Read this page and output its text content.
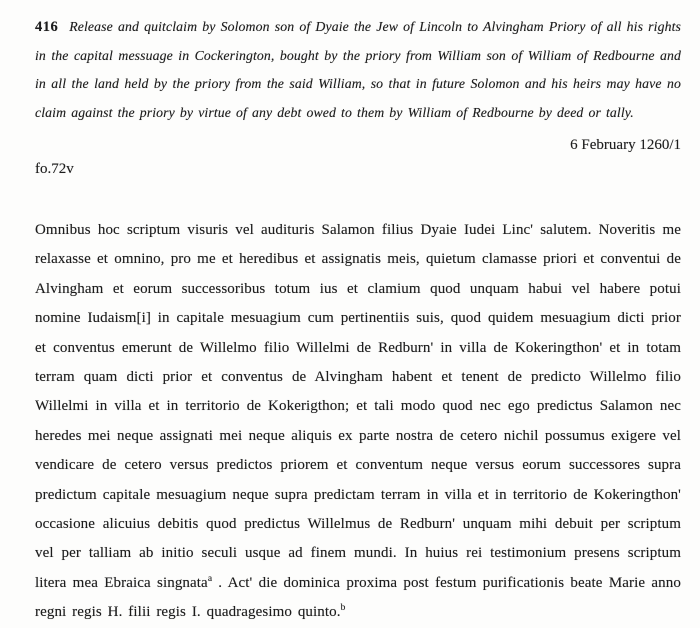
416 Release and quitclaim by Solomon son of Dyaie the Jew of Lincoln to Alvingham Priory of all his rights in the capital messuage in Cockerington, bought by the priory from William son of William of Redbourne and in all the land held by the priory from the said William, so that in future Solomon and his heirs may have no claim against the priory by virtue of any debt owed to them by William of Redbourne by deed or tally.

6 February 1260/1
fo.72v

Omnibus hoc scriptum visuris vel audituris Salamon filius Dyaie Iudei Linc' salutem. Noveritis me relaxasse et omnino, pro me et heredibus et assignatis meis, quietum clamasse priori et conventui de Alvingham et eorum successoribus totum ius et clamium quod unquam habui vel habere potui nomine Iudaism[i] in capitale mesuagium cum pertinentiis suis, quod quidem mesuagium dicti prior et conventus emerunt de Willelmo filio Willelmi de Redburn' in villa de Kokeringthon' et in totam terram quam dicti prior et conventus de Alvingham habent et tenent de predicto Willelmo filio Willelmi in villa et in territorio de Kokerigthon; et tali modo quod nec ego predictus Salamon nec heredes mei neque assignati mei neque aliquis ex parte nostra de cetero nichil possumus exigere vel vendicare de cetero versus predictos priorem et conventum neque versus eorum successores supra predictum capitale mesuagium neque supra predictam terram in villa et in territorio de Kokeringthon' occasione alicuius debitis quod predictus Willelmus de Redburn' unquam mihi debuit per scriptum vel per talliam ab initio seculi usque ad finem mundi. In huius rei testimonium presens scriptum litera mea Ebraica singnata$^a$ . Act' die dominica proxima post festum purificationis beate Marie anno regni regis H. filii regis I. quadragesimo quinto.$^b$
